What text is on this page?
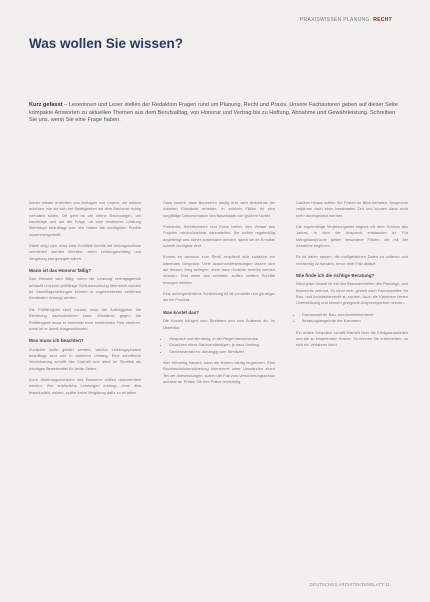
PRAXISWISSEN PLANUNG RECHT
Was wollen Sie wissen?
Kurz gefasst – Leserinnen und Leser stellen der Redaktion Fragen rund um Planung, Recht und Praxis. Unsere Fachautoren geben auf dieser Seite kompakte Antworten zu aktuellen Themen aus dem Berufsalltag, von Honorar und Vertrag bis zu Haftung, Abnahme und Gewährleistung. Schreiben Sie uns, wenn Sie eine Frage haben.

Immer wieder erreichen uns Anfragen von Lesern, die wissen möchten, wie sie sich bei Streitigkeiten mit dem Bauherrn richtig verhalten sollen. Oft geht es um offene Rechnungen, um Nachträge und um die Frage, ob eine bestimmte Leistung überhaupt beauftragt war. Wir haben die wichtigsten Punkte zusammengestellt.

Dabei zeigt sich, dass viele Konflikte bereits bei Vertragsschluss vermieden werden könnten, wenn Leistungsumfang und Vergütung klar geregelt wären.

Wann ist das Honorar fällig?

Das Honorar wird fällig, wenn die Leistung vertragsgemäß erbracht und eine prüffähige Schlussrechnung überreicht worden ist. Abschlagszahlungen können in angemessenen zeitlichen Abständen verlangt werden.

Die Prüffähigkeit setzt voraus, dass der Auftraggeber die Rechnung nachvollziehen kann. Einwände gegen die Prüffähigkeit muss er innerhalb einer bestimmten Frist erheben, sonst ist er damit ausgeschlossen.

Was muss ich beachten?

Zunächst sollte geklärt werden, welche Leistungsphasen beauftragt sind und in welchem Umfang. Eine schriftliche Vereinbarung schafft hier Klarheit und dient im Streitfall als wichtiges Beweismittel für beide Seiten.

Auch Änderungswünsche des Bauherrn sollten dokumentiert werden. Wer zusätzliche Leistungen erbringt, ohne dies festzuhalten, riskiert, später keine Vergütung dafür zu erhalten.

Dazu kommt, dass Bauherren häufig erst nach Abschluss der Arbeiten Einwände erheben. In solchen Fällen ist eine sorgfältige Dokumentation des Bauablaufs von großem Vorteil.

Protokolle, Schriftverkehr und Fotos helfen, den Verlauf des Projekts nachvollziehbar darzustellen. Sie sollten regelmäßig angefertigt und sicher aufbewahrt werden, damit sie im Ernstfall schnell verfügbar sind.

Kommt es dennoch zum Streit, empfiehlt sich zunächst ein klärendes Gespräch. Viele Auseinandersetzungen lassen sich auf diesem Weg beilegen, ohne dass Gerichte bemüht werden müssen. Erst wenn das scheitert, sollten weitere Schritte erwogen werden.

Eine außergerichtliche Schlichtung ist oft schneller und günstiger als ein Prozess.

Was kostet das?

Die Kosten hängen vom Streitwert und vom Aufwand ab. Im Überblick:

• Gespräch und Beratung: in der Regel überschaubar
• Gutachten eines Sachverständigen: je nach Umfang
• Gerichtsverfahren: abhängig vom Streitwert

Wer frühzeitig handelt, kann die Kosten häufig begrenzen. Eine Rechtsschutzversicherung übernimmt unter Umständen einen Teil der Aufwendungen, sofern der Fall vom Versicherungsschutz umfasst ist. Prüfen Sie Ihre Police rechtzeitig.

Darüber hinaus sollten Sie Fristen im Blick behalten. Ansprüche verjähren nach einer bestimmten Zeit und können dann nicht mehr durchgesetzt werden.

Die regelmäßige Verjährungsfrist beginnt mit dem Schluss des Jahres, in dem der Anspruch entstanden ist. Für Mängelansprüche gelten besondere Fristen, die mit der Abnahme beginnen.

Es ist daher ratsam, die maßgeblichen Daten zu notieren und rechtzeitig zu handeln, bevor eine Frist abläuft.

Wie finde ich die richtige Beratung?

Nicht jeder Anwalt ist mit den Besonderheiten des Planungs- und Baurechts vertraut. Es lohnt sich, gezielt nach Fachanwälten für Bau- und Architektenrecht zu suchen. Auch die Kammern bieten Unterstützung und können geeignete Ansprechpartner nennen.

• Fachanwalt für Bau- und Architektenrecht
• Beratungsangebote der Kammern

Ein erstes Gespräch schafft Klarheit über die Erfolgsaussichten und die zu erwartenden Kosten. So können Sie entscheiden, ob sich ein Verfahren lohnt.

DEUTSCHES ARCHITEKTENBLATT 11
